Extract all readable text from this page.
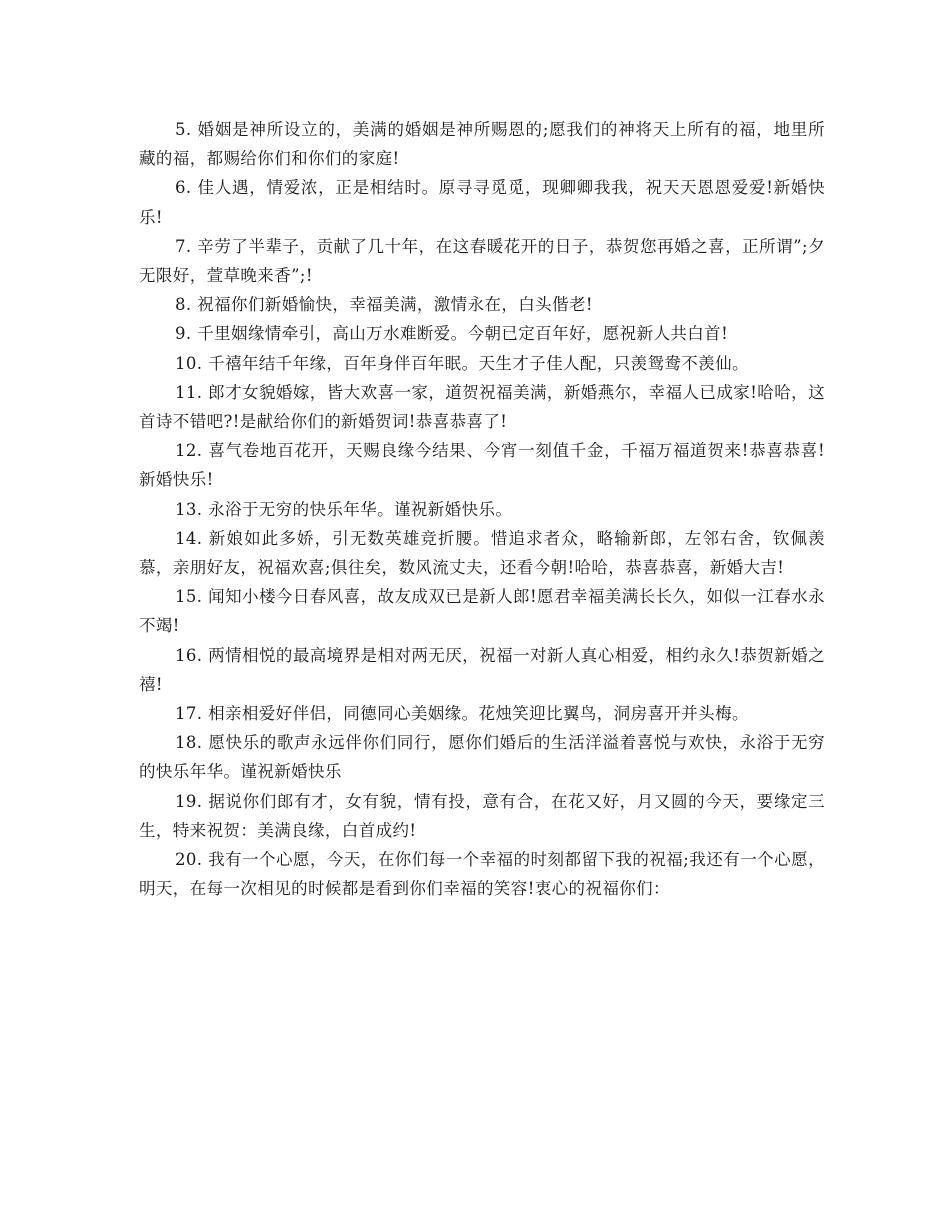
5. 婚姻是神所设立的，美满的婚姻是神所赐恩的;愿我们的神将天上所有的福，地里所藏的福，都赐给你们和你们的家庭!

6. 佳人遇，情爱浓，正是相结时。原寻寻觅觅，现卿卿我我，祝天天恩恩爱爱!新婚快乐!

7. 辛劳了半辈子，贡献了几十年，在这春暖花开的日子，恭贺您再婚之喜，正所谓”;夕无限好，萱草晚来香”;!

8. 祝福你们新婚愉快，幸福美满，激情永在，白头偕老!

9. 千里姻缘情牵引，高山万水难断爱。今朝已定百年好，愿祝新人共白首!

10. 千禧年结千年缘，百年身伴百年眠。天生才子佳人配，只羡鸳鸯不羡仙。

11. 郎才女貌婚嫁，皆大欢喜一家，道贺祝福美满，新婚燕尔，幸福人已成家!哈哈，这首诗不错吧?!是献给你们的新婚贺词!恭喜恭喜了!

12. 喜气卷地百花开，天赐良缘今结果、今宵一刻值千金，千福万福道贺来!恭喜恭喜!新婚快乐!

13. 永浴于无穷的快乐年华。谨祝新婚快乐。

14. 新娘如此多娇，引无数英雄竞折腰。惜追求者众，略输新郎，左邻右舍，钦佩羡慕，亲朋好友，祝福欢喜;俱往矣，数风流丈夫，还看今朝!哈哈，恭喜恭喜，新婚大吉!

15. 闻知小楼今日春风喜，故友成双已是新人郎!愿君幸福美满长长久，如似一江春水永不竭!

16. 两情相悦的最高境界是相对两无厌，祝福一对新人真心相爱，相约永久!恭贺新婚之禧!

17. 相亲相爱好伴侣，同德同心美姻缘。花烛笑迎比翼鸟，洞房喜开并头梅。

18. 愿快乐的歌声永远伴你们同行，愿你们婚后的生活洋溢着喜悦与欢快，永浴于无穷的快乐年华。谨祝新婚快乐

19. 据说你们郎有才，女有貌，情有投，意有合，在花又好，月又圆的今天，要缘定三生，特来祝贺：美满良缘，白首成约!

20. 我有一个心愿，今天，在你们每一个幸福的时刻都留下我的祝福;我还有一个心愿，明天，在每一次相见的时候都是看到你们幸福的笑容!衷心的祝福你们：
